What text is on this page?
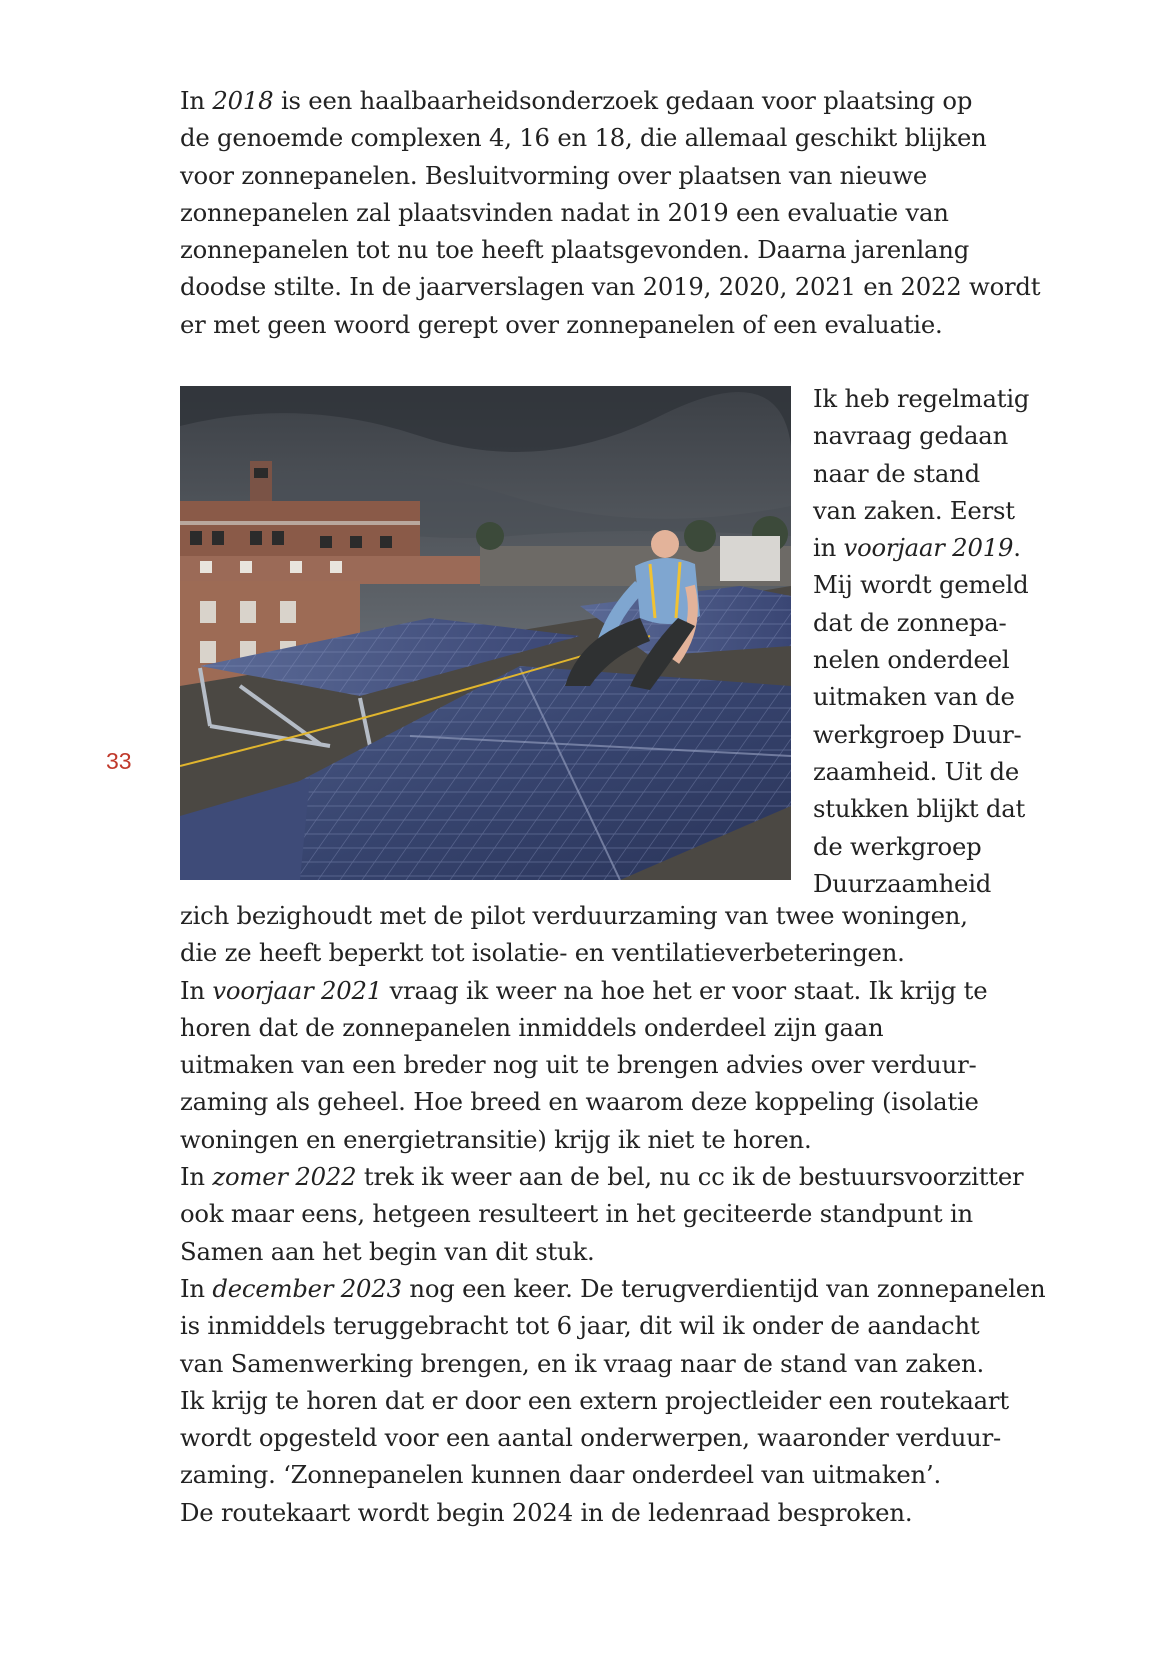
33
In 2018 is een haalbaarheidsonderzoek gedaan voor plaatsing op
de genoemde complexen 4, 16 en 18, die allemaal geschikt blijken
voor zonnepanelen. Besluitvorming over plaatsen van nieuwe
zonnepanelen zal plaatsvinden nadat in 2019 een evaluatie van
zonnepanelen tot nu toe heeft plaatsgevonden. Daarna jarenlang
doodse stilte. In de jaarverslagen van 2019, 2020, 2021 en 2022 wordt
er met geen woord gerept over zonnepanelen of een evaluatie.
Ik heb regelmatig
navraag gedaan
naar de stand
van zaken. Eerst
in voorjaar 2019.
Mij wordt gemeld
dat de zonnepa-
nelen onderdeel
uitmaken van de
werkgroep Duur-
zaamheid. Uit de
stukken blijkt dat
de werkgroep
Duurzaamheid
zich bezighoudt met de pilot verduurzaming van twee woningen,
die ze heeft beperkt tot isolatie- en ventilatieverbeteringen.
In voorjaar 2021 vraag ik weer na hoe het er voor staat. Ik krijg te
horen dat de zonnepanelen inmiddels onderdeel zijn gaan
uitmaken van een breder nog uit te brengen advies over verduur-
zaming als geheel. Hoe breed en waarom deze koppeling (isolatie
woningen en energietransitie) krijg ik niet te horen.
In zomer 2022 trek ik weer aan de bel, nu cc ik de bestuursvoorzitter
ook maar eens, hetgeen resulteert in het geciteerde standpunt in
Samen aan het begin van dit stuk.
In december 2023 nog een keer. De terugverdientijd van zonnepanelen
is inmiddels teruggebracht tot 6 jaar, dit wil ik onder de aandacht
van Samenwerking brengen, en ik vraag naar de stand van zaken.
Ik krijg te horen dat er door een extern projectleider een routekaart
wordt opgesteld voor een aantal onderwerpen, waaronder verduur-
zaming. ‘Zonnepanelen kunnen daar onderdeel van uitmaken’.
De routekaart wordt begin 2024 in de ledenraad besproken.
